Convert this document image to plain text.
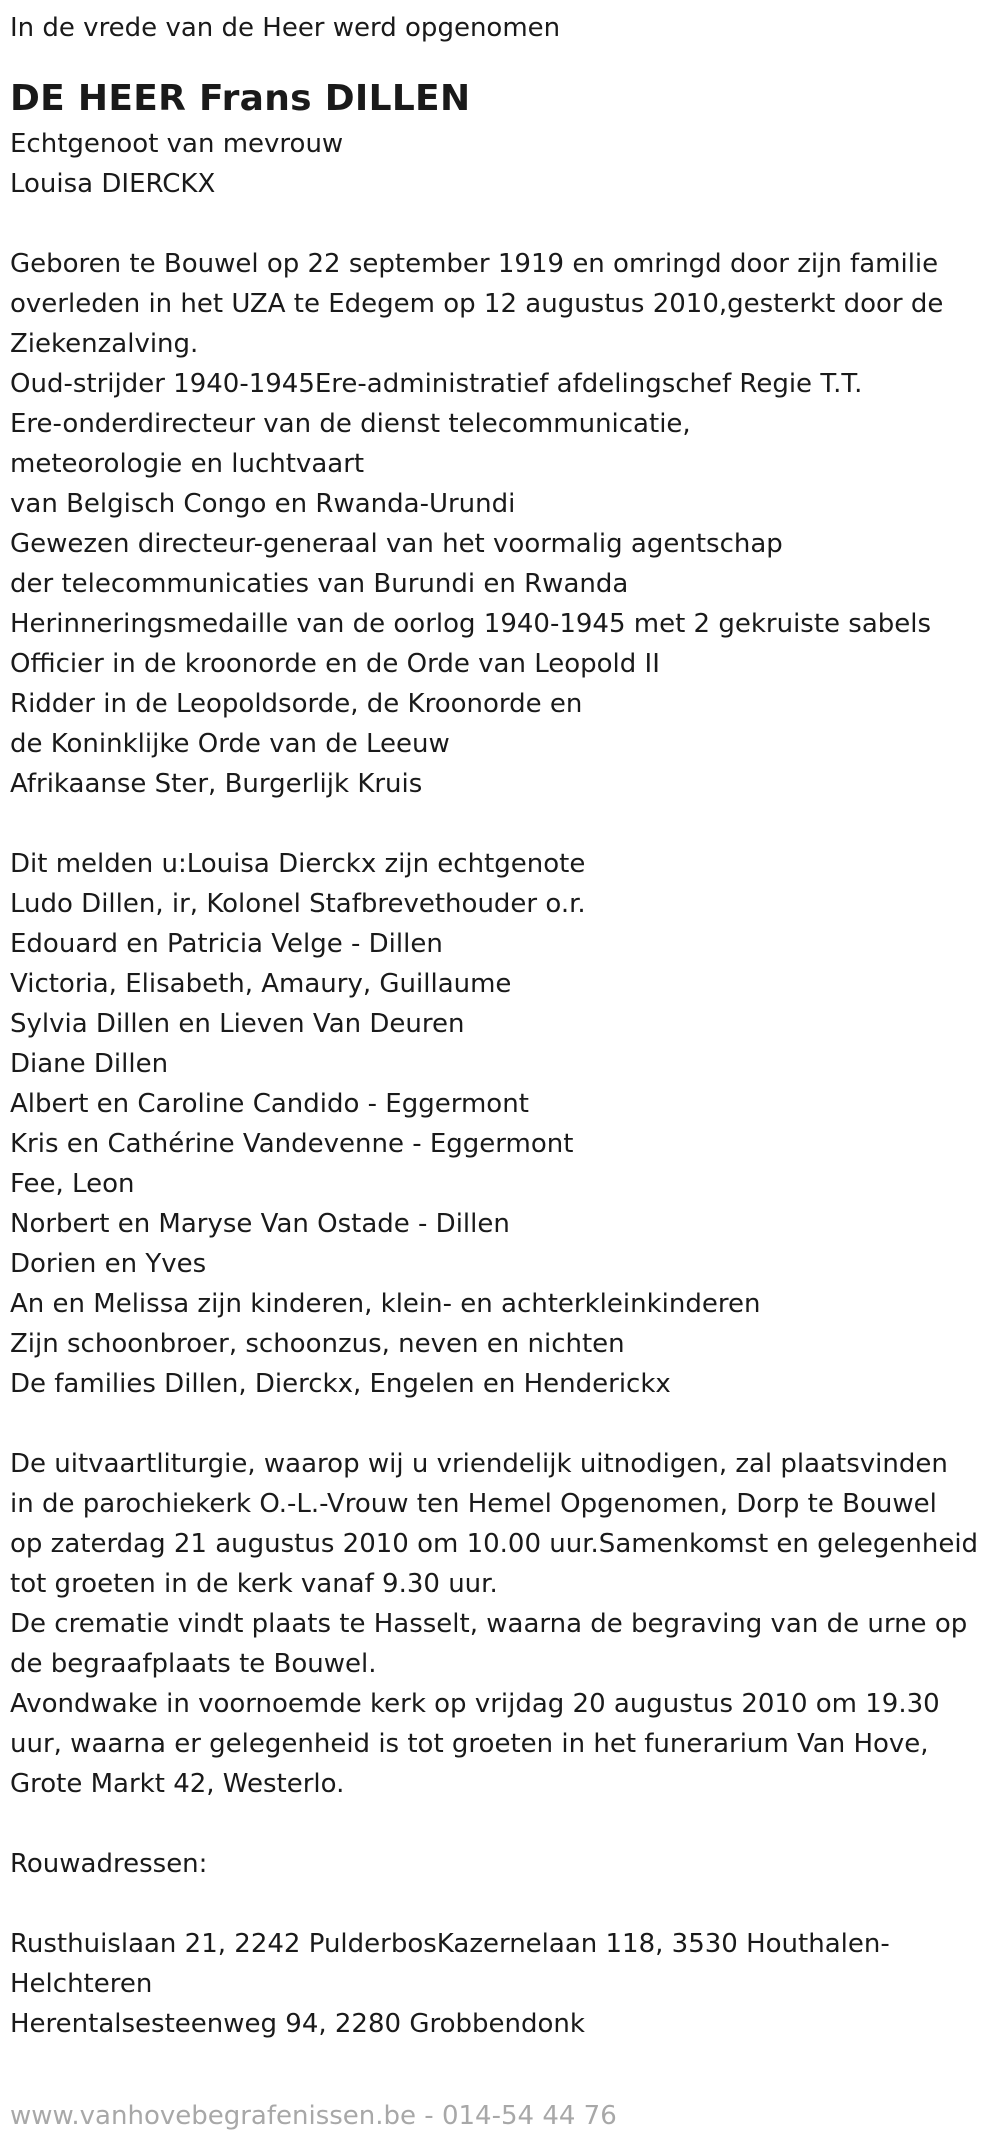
In de vrede van de Heer werd opgenomen

DE HEER Frans DILLEN

Echtgenoot van mevrouw

Louisa DIERCKX

Geboren te Bouwel op 22 september 1919 en omringd door zijn familie

overleden in het UZA te Edegem op 12 augustus 2010,gesterkt door de

Ziekenzalving.

Oud-strijder 1940-1945Ere-administratief afdelingschef Regie T.T.

Ere-onderdirecteur van de dienst telecommunicatie,

meteorologie en luchtvaart

van Belgisch Congo en Rwanda-Urundi

Gewezen directeur-generaal van het voormalig agentschap

der telecommunicaties van Burundi en Rwanda

Herinneringsmedaille van de oorlog 1940-1945 met 2 gekruiste sabels

Officier in de kroonorde en de Orde van Leopold II

Ridder in de Leopoldsorde, de Kroonorde en

de Koninklijke Orde van de Leeuw

Afrikaanse Ster, Burgerlijk Kruis

Dit melden u:Louisa Dierckx zijn echtgenote

Ludo Dillen, ir, Kolonel Stafbrevethouder o.r.

Edouard en Patricia Velge - Dillen

Victoria, Elisabeth, Amaury, Guillaume

Sylvia Dillen en Lieven Van Deuren

Diane Dillen

Albert en Caroline Candido - Eggermont

Kris en Cathérine Vandevenne - Eggermont

Fee, Leon

Norbert en Maryse Van Ostade - Dillen

Dorien en Yves

An en Melissa zijn kinderen, klein- en achterkleinkinderen

Zijn schoonbroer, schoonzus, neven en nichten

De families Dillen, Dierckx, Engelen en Henderickx

De uitvaartliturgie, waarop wij u vriendelijk uitnodigen, zal plaatsvinden

in de parochiekerk O.-L.-Vrouw ten Hemel Opgenomen, Dorp te Bouwel

op zaterdag 21 augustus 2010 om 10.00 uur.Samenkomst en gelegenheid

tot groeten in de kerk vanaf 9.30 uur.

De crematie vindt plaats te Hasselt, waarna de begraving van de urne op

de begraafplaats te Bouwel.

Avondwake in voornoemde kerk op vrijdag 20 augustus 2010 om 19.30

uur, waarna er gelegenheid is tot groeten in het funerarium Van Hove,

Grote Markt 42, Westerlo.

Rouwadressen:

Rusthuislaan 21, 2242 PulderbosKazernelaan 118, 3530 Houthalen-

Helchteren

Herentalsesteenweg 94, 2280 Grobbendonk

www.vanhovebegrafenissen.be - 014-54 44 76
